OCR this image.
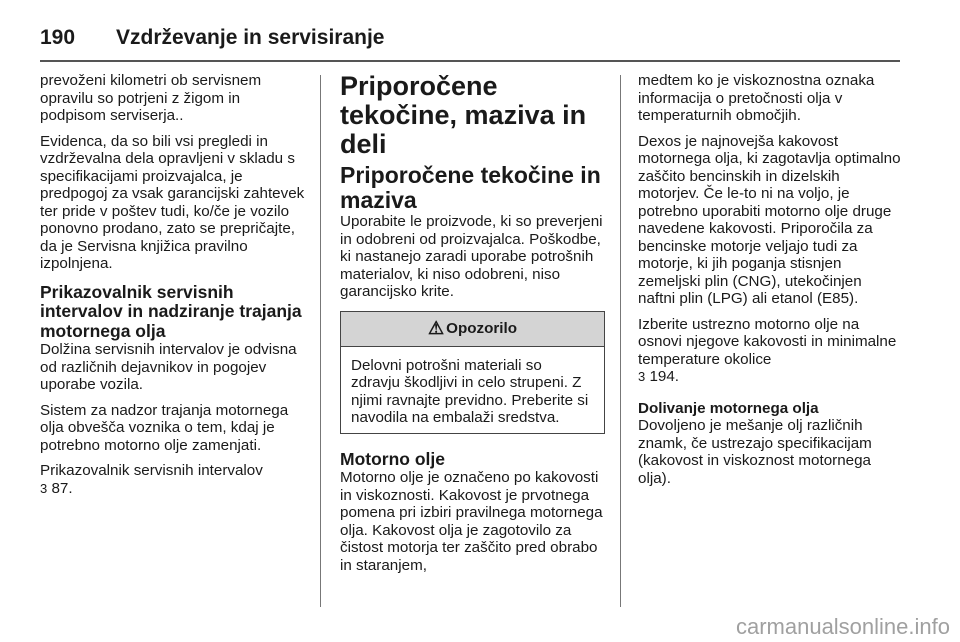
190	Vzdrževanje in servisiranje

prevoženi kilometri ob servisnem opravilu so potrjeni z žigom in podpisom serviserja..

Evidenca, da so bili vsi pregledi in vzdrževalna dela opravljeni v skladu s specifikacijami proizvajalca, je predpogoj za vsak garancijski zahtevek ter pride v poštev tudi, ko/če je vozilo ponovno prodano, zato se prepričajte, da je Servisna knjižica pravilno izpolnjena.

Prikazovalnik servisnih intervalov in nadziranje trajanja motornega olja

Dolžina servisnih intervalov je odvisna od različnih dejavnikov in pogojev uporabe vozila.

Sistem za nadzor trajanja motornega olja obvešča voznika o tem, kdaj je potrebno motorno olje zamenjati.

Prikazovalnik servisnih intervalov
3 87.

Priporočene tekočine, maziva in deli
Priporočene tekočine in maziva

Uporabite le proizvode, ki so preverjeni in odobreni od proizvajalca. Poškodbe, ki nastanejo zaradi uporabe potrošnih materialov, ki niso odobreni, niso garancijsko krite.

⚠ Opozorilo
Delovni potrošni materiali so zdravju škodljivi in celo strupeni. Z njimi ravnajte previdno. Preberite si navodila na embalaži sredstva.
Motorno olje

Motorno olje je označeno po kakovosti in viskoznosti. Kakovost je prvotnega pomena pri izbiri pravilnega motornega olja. Kakovost olja je zagotovilo za čistost motorja ter zaščito pred obrabo in staranjem,

medtem ko je viskoznostna oznaka informacija o pretočnosti olja v temperaturnih območjih.

Dexos je najnovejša kakovost motornega olja, ki zagotavlja optimalno zaščito bencinskih in dizelskih motorjev. Če le-to ni na voljo, je potrebno uporabiti motorno olje druge navedene kakovosti. Priporočila za bencinske motorje veljajo tudi za motorje, ki jih poganja stisnjen zemeljski plin (CNG), utekočinjen naftni plin (LPG) ali etanol (E85).

Izberite ustrezno motorno olje na osnovi njegove kakovosti in minimalne temperature okolice
3 194.

Dolivanje motornega olja

Dovoljeno je mešanje olj različnih znamk, če ustrezajo specifikacijam (kakovost in viskoznost motornega olja).

carmanualsonline.info
